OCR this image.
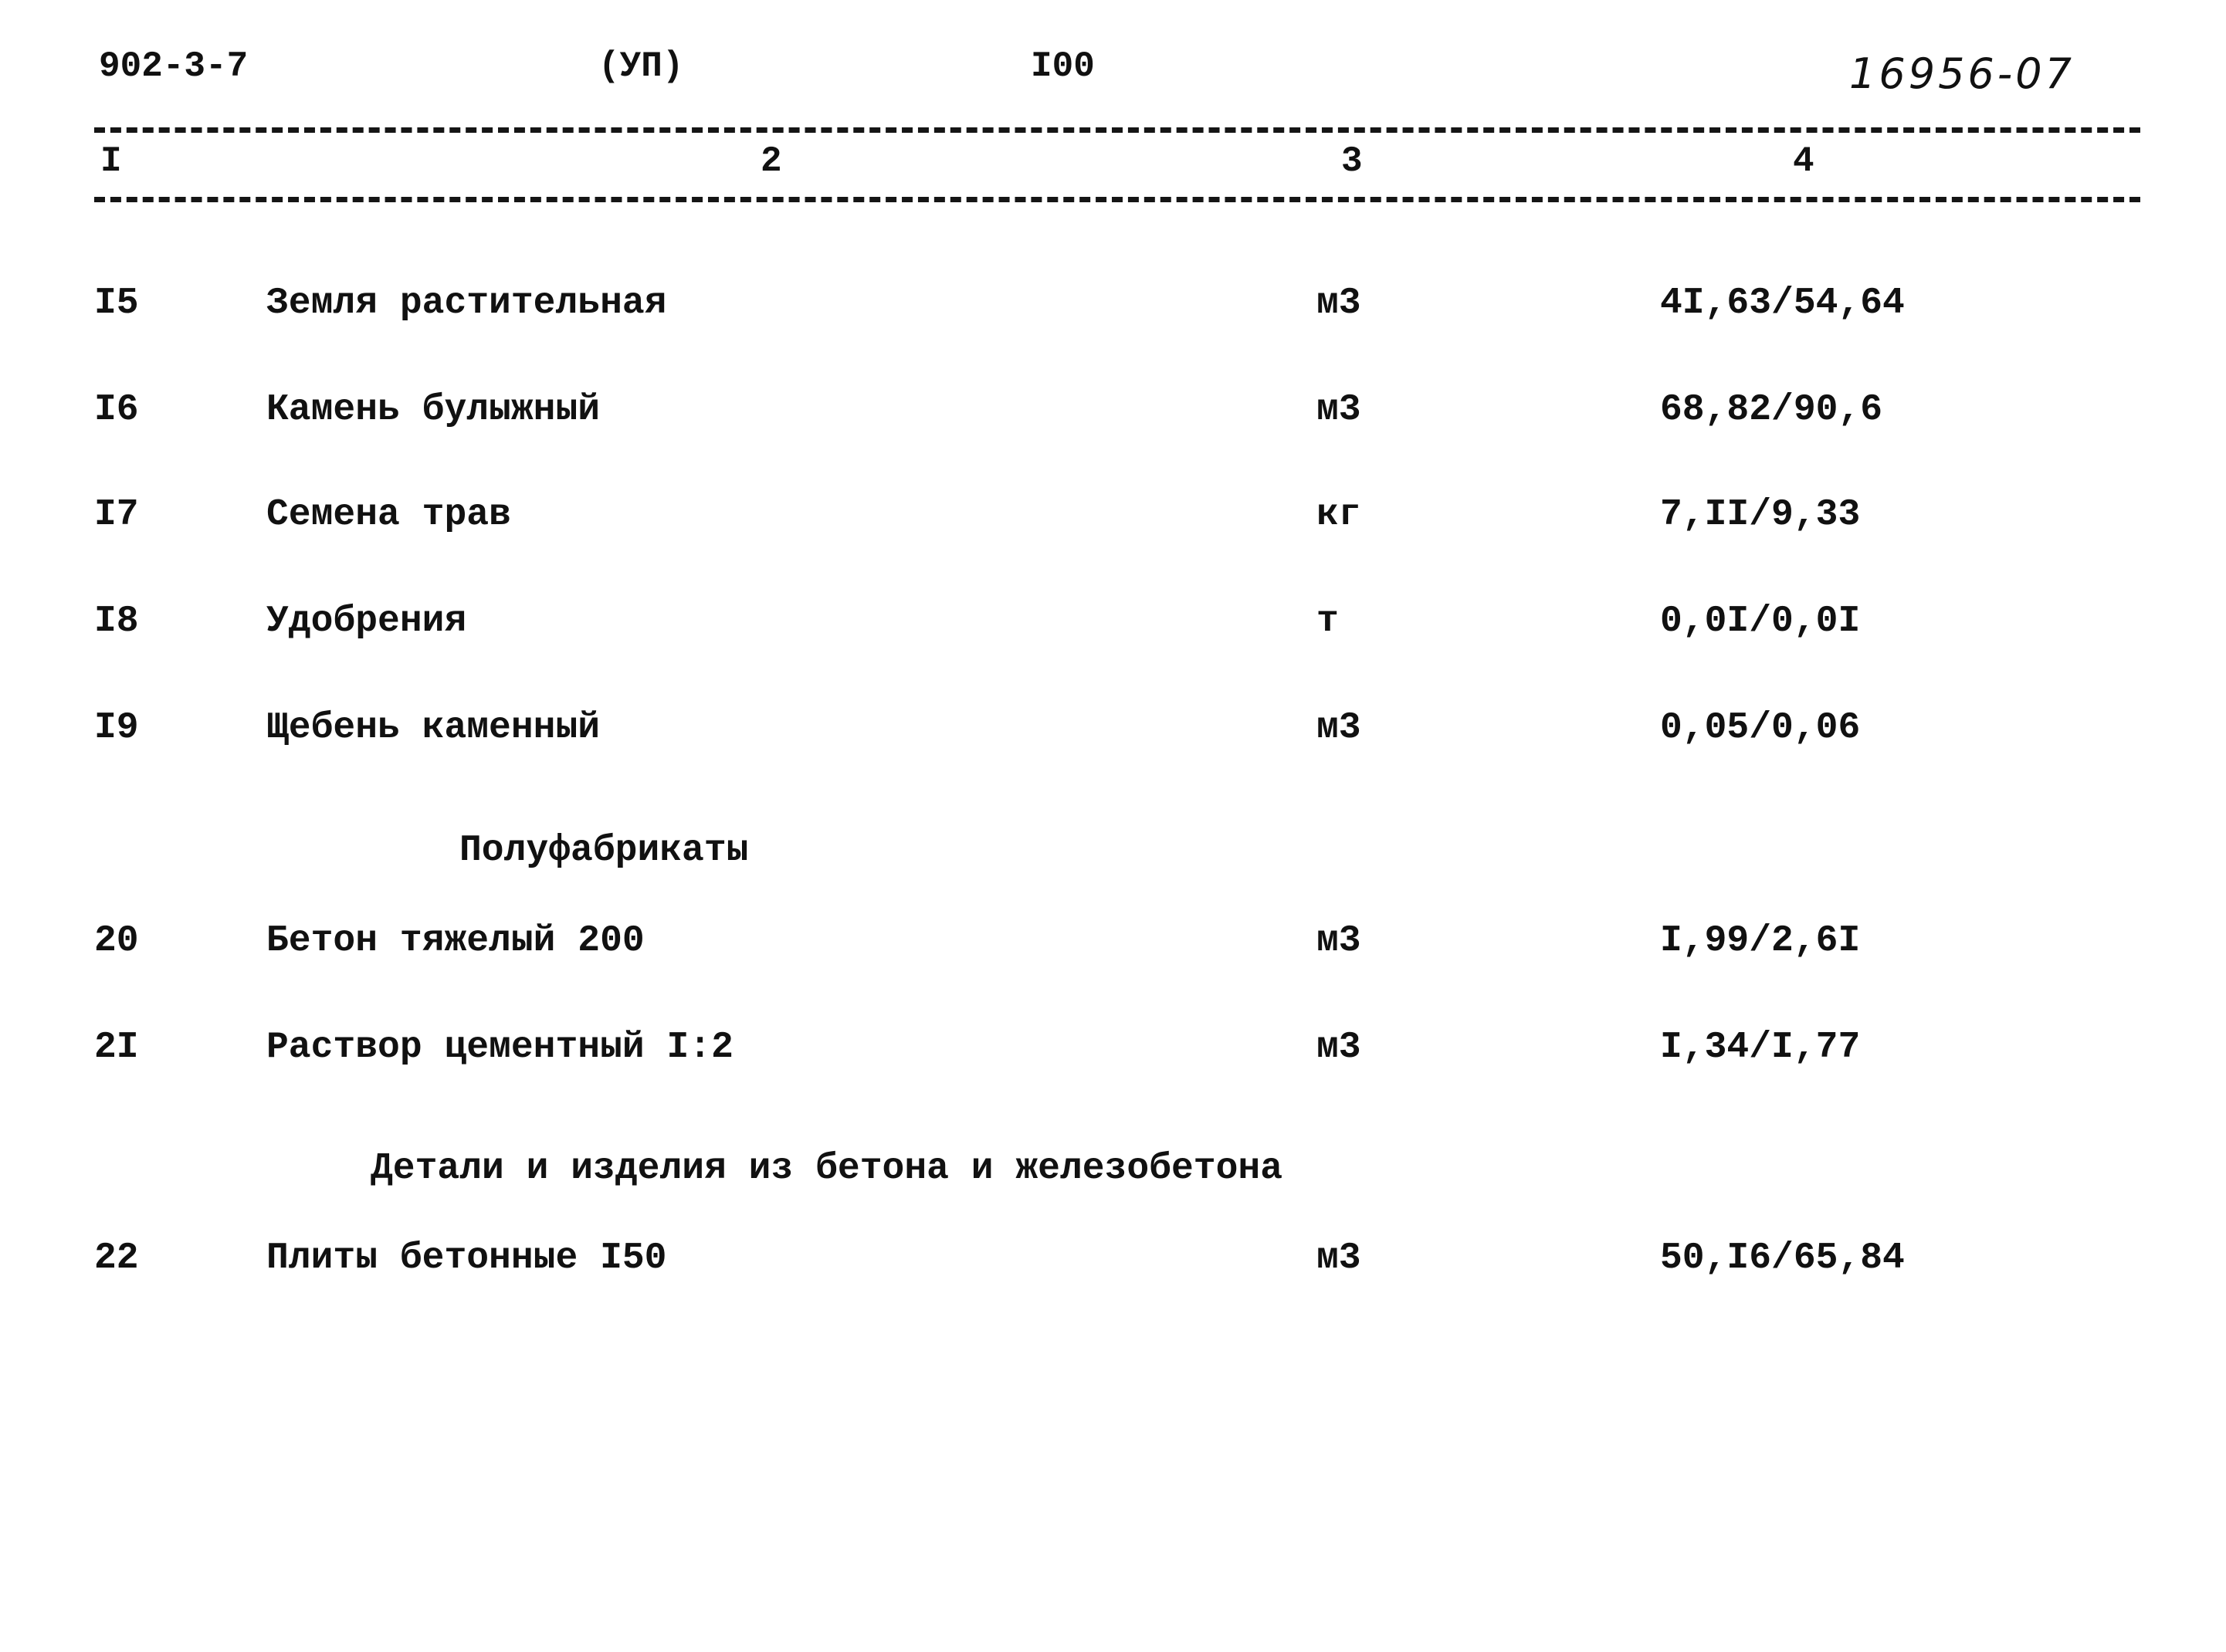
902-3-7	(УП)	I00	16956-07
I	2	3	4
I5	Земля растительная	м3	4I,63/54,64
I6	Камень булыжный	м3	68,82/90,6
I7	Семена трав	кг	7,II/9,33
I8	Удобрения	т	0,0I/0,0I
I9	Щебень каменный	м3	0,05/0,06
Полуфабрикаты
20	Бетон тяжелый 200	м3	I,99/2,6I
2I	Раствор цементный I:2	м3	I,34/I,77
Детали и изделия из бетона и железобетона
22	Плиты бетонные I50	м3	50,I6/65,84
